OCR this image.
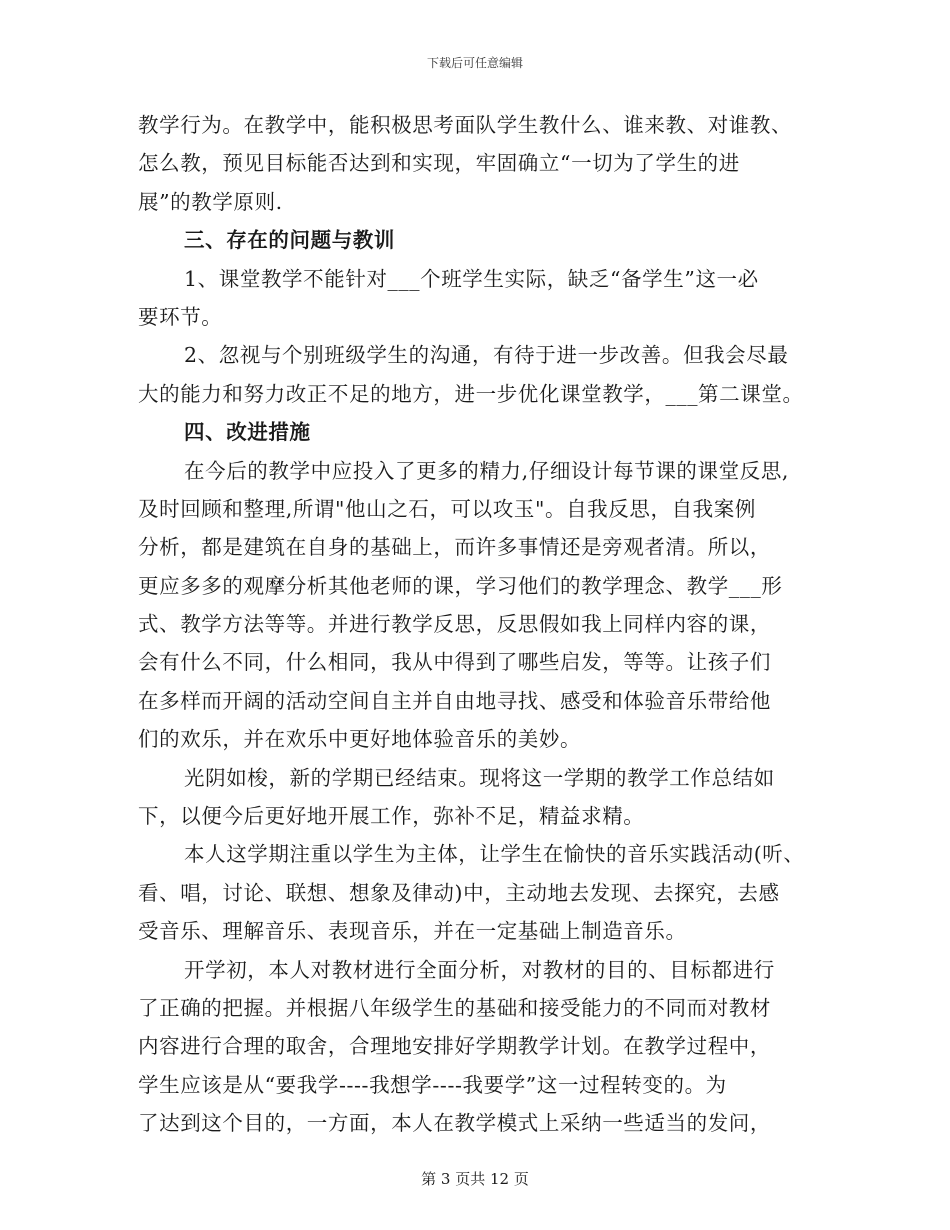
下载后可任意编辑
教学行为。在教学中，能积极思考面队学生教什么、谁来教、对谁教、
怎么教，预见目标能否达到和实现，牢固确立“一切为了学生的进
展”的教学原则.
三、存在的问题与教训
1、课堂教学不能针对___个班学生实际，缺乏“备学生”这一必
要环节。
2、忽视与个别班级学生的沟通，有待于进一步改善。但我会尽最
大的能力和努力改正不足的地方，进一步优化课堂教学，___第二课堂。
四、改进措施
在今后的教学中应投入了更多的精力,仔细设计每节课的课堂反思,
及时回顾和整理,所谓"他山之石，可以攻玉"。自我反思，自我案例
分析，都是建筑在自身的基础上，而许多事情还是旁观者清。所以，
更应多多的观摩分析其他老师的课，学习他们的教学理念、教学___形
式、教学方法等等。并进行教学反思，反思假如我上同样内容的课，
会有什么不同，什么相同，我从中得到了哪些启发，等等。让孩子们
在多样而开阔的活动空间自主并自由地寻找、感受和体验音乐带给他
们的欢乐，并在欢乐中更好地体验音乐的美妙。
光阴如梭，新的学期已经结束。现将这一学期的教学工作总结如
下，以便今后更好地开展工作，弥补不足，精益求精。
本人这学期注重以学生为主体，让学生在愉快的音乐实践活动(听、
看、唱，讨论、联想、想象及律动)中，主动地去发现、去探究，去感
受音乐、理解音乐、表现音乐，并在一定基础上制造音乐。
开学初，本人对教材进行全面分析，对教材的目的、目标都进行
了正确的把握。并根据八年级学生的基础和接受能力的不同而对教材
内容进行合理的取舍，合理地安排好学期教学计划。在教学过程中，
学生应该是从“要我学----我想学----我要学”这一过程转变的。为
了达到这个目的，一方面，本人在教学模式上采纳一些适当的发问，
第 3 页共 12 页
